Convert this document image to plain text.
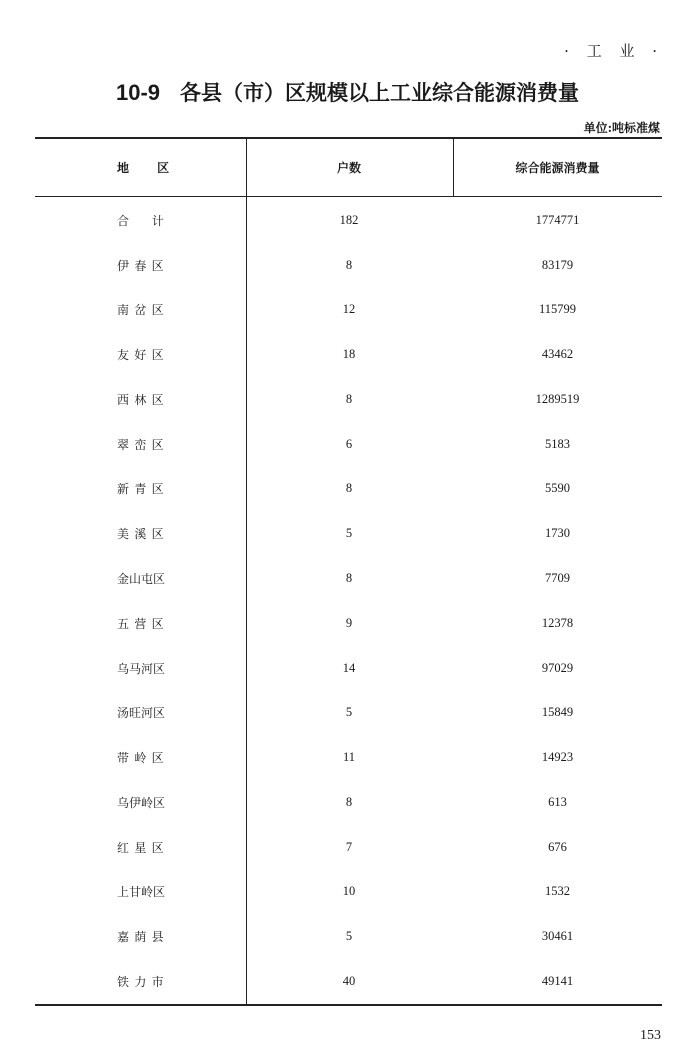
· 工 业 ·
10-9 各县（市）区规模以上工业综合能源消费量
单位:吨标准煤
地 区	户数	综合能源消费量
合 计	182	1774771
伊 春 区	8	83179
南 岔 区	12	115799
友 好 区	18	43462
西 林 区	8	1289519
翠 峦 区	6	5183
新 青 区	8	5590
美 溪 区	5	1730
金山屯区	8	7709
五 营 区	9	12378
乌马河区	14	97029
汤旺河区	5	15849
带 岭 区	11	14923
乌伊岭区	8	613
红 星 区	7	676
上甘岭区	10	1532
嘉 荫 县	5	30461
铁 力 市	40	49141
153
